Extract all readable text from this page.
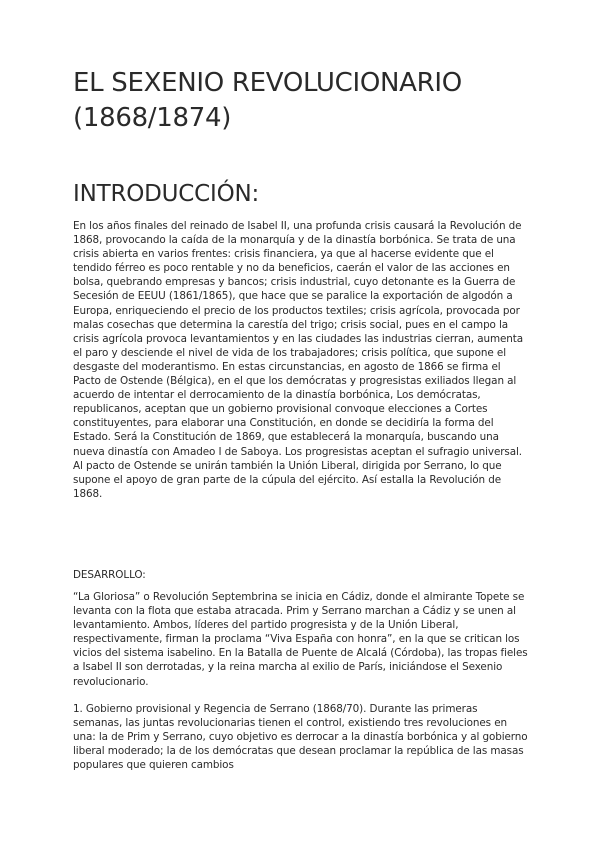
EL SEXENIO REVOLUCIONARIO (1868/1874)
INTRODUCCIÓN:

En los años finales del reinado de Isabel II, una profunda crisis causará la Revolución de 1868, provocando la caída de la monarquía y de la dinastía borbónica. Se trata de una crisis abierta en varios frentes: crisis financiera, ya que al hacerse evidente que el tendido férreo es poco rentable y no da beneficios, caerán el valor de las acciones en bolsa, quebrando empresas y bancos; crisis industrial, cuyo detonante es la Guerra de Secesión de EEUU (1861/1865), que hace que se paralice la exportación de algodón a Europa, enriqueciendo el precio de los productos textiles; crisis agrícola, provocada por malas cosechas que determina la carestía del trigo; crisis social, pues en el campo la crisis agrícola provoca levantamientos y en las ciudades las industrias cierran, aumenta el paro y desciende el nivel de vida de los trabajadores; crisis política, que supone el desgaste del moderantismo. En estas circunstancias, en agosto de 1866 se firma el Pacto de Ostende (Bélgica), en el que los demócratas y progresistas exiliados llegan al acuerdo de intentar el derrocamiento de la dinastía borbónica, Los demócratas, republicanos, aceptan que un gobierno provisional convoque elecciones a Cortes constituyentes, para elaborar una Constitución, en donde se decidiría la forma del Estado. Será la Constitución de 1869, que establecerá la monarquía, buscando una nueva dinastía con Amadeo I de Saboya. Los progresistas aceptan el sufragio universal. Al pacto de Ostende se unirán también la Unión Liberal, dirigida por Serrano, lo que supone el apoyo de gran parte de la cúpula del ejército. Así estalla la Revolución de 1868.

DESARROLLO:

“La Gloriosa” o Revolución Septembrina se inicia en Cádiz, donde el almirante Topete se levanta con la flota que estaba atracada. Prim y Serrano marchan a Cádiz y se unen al levantamiento. Ambos, líderes del partido progresista y de la Unión Liberal, respectivamente, firman la proclama “Viva España con honra”, en la que se critican los vicios del sistema isabelino. En la Batalla de Puente de Alcalá (Córdoba), las tropas fieles a Isabel II son derrotadas, y la reina marcha al exilio de París, iniciándose el Sexenio revolucionario.

1. Gobierno provisional y Regencia de Serrano (1868/70). Durante las primeras semanas, las juntas revolucionarias tienen el control, existiendo tres revoluciones en una: la de Prim y Serrano, cuyo objetivo es derrocar a la dinastía borbónica y al gobierno liberal moderado; la de los demócratas que desean proclamar la república de las masas populares que quieren cambios
